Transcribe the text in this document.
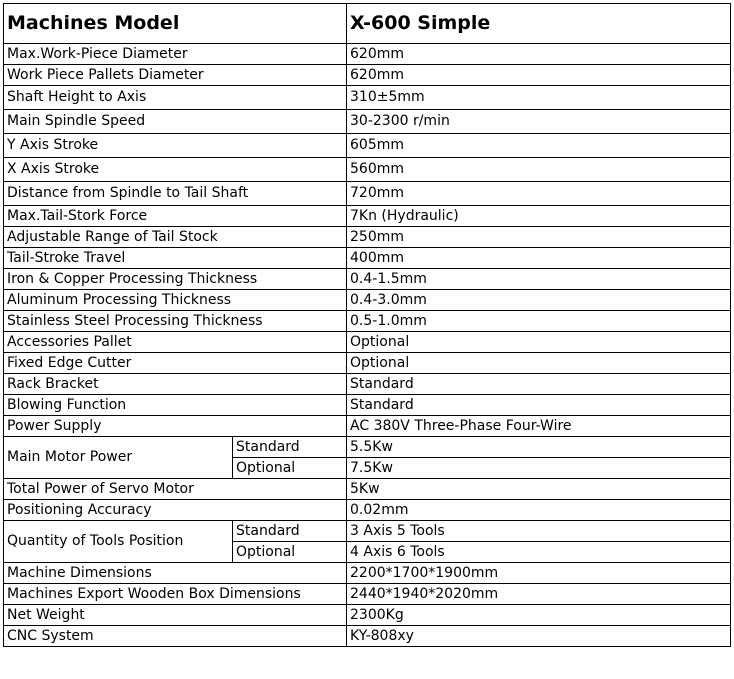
Machines Model		X-600 Simple
Max.Work-Piece Diameter		620mm
Work Piece Pallets Diameter		620mm
Shaft Height to Axis		310±5mm
Main Spindle Speed		30-2300 r/min
Y Axis Stroke		605mm
X Axis Stroke		560mm
Distance from Spindle to Tail Shaft		720mm
Max.Tail-Stork Force		7Kn (Hydraulic)
Adjustable Range of Tail Stock		250mm
Tail-Stroke Travel		400mm
Iron & Copper Processing Thickness		0.4-1.5mm
Aluminum Processing Thickness		0.4-3.0mm
Stainless Steel Processing Thickness		0.5-1.0mm
Accessories Pallet		Optional
Fixed Edge Cutter		Optional
Rack Bracket		Standard
Blowing Function		Standard
Power Supply		AC 380V Three-Phase Four-Wire
Main Motor Power	Standard	5.5Kw
	Optional	7.5Kw
Total Power of Servo Motor		5Kw
Positioning Accuracy		0.02mm
Quantity of Tools Position	Standard	3 Axis 5 Tools
	Optional	4 Axis 6 Tools
Machine Dimensions		2200*1700*1900mm
Machines Export Wooden Box Dimensions		2440*1940*2020mm
Net Weight		2300Kg
CNC System		KY-808xy
